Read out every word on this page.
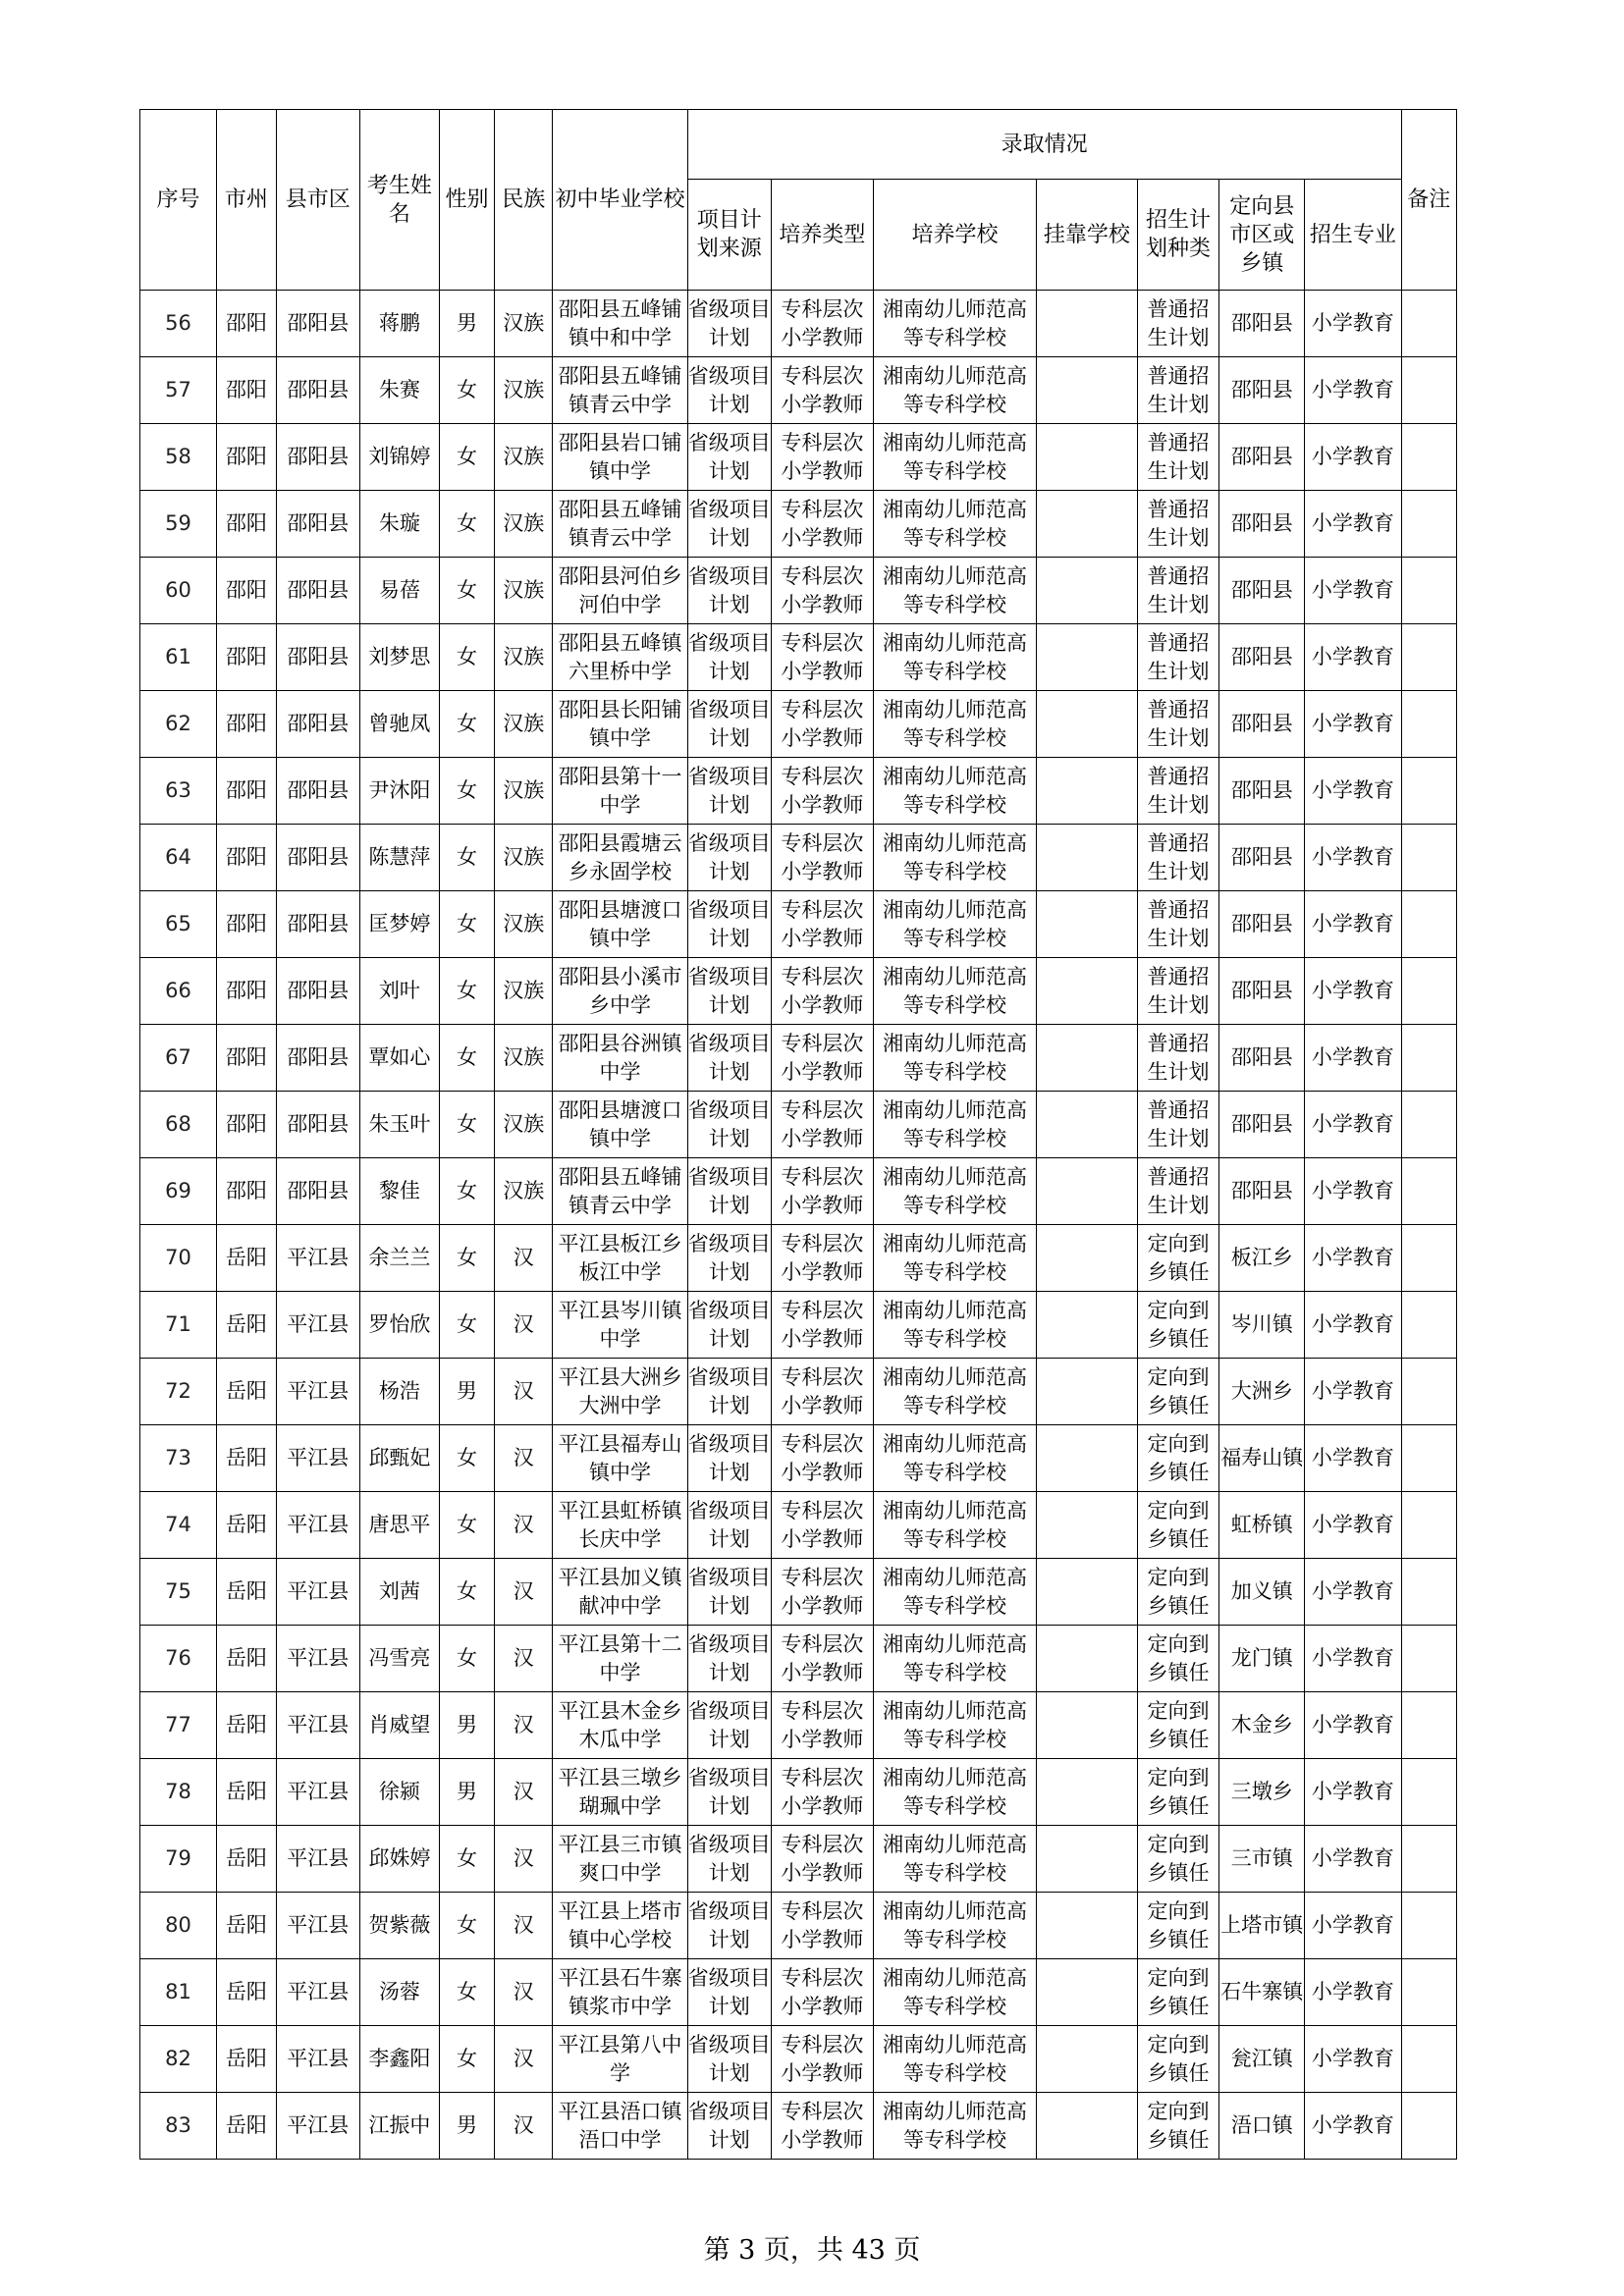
序号	市州	县市区	考生姓名	性别	民族	初中毕业学校	录取情况							备注
							项目计划来源	培养类型	培养学校	挂靠学校	招生计划种类	定向县市区或乡镇	招生专业	
56	邵阳	邵阳县	蒋鹏	男	汉族	邵阳县五峰铺镇中和中学	省级项目计划	专科层次小学教师	湘南幼儿师范高等专科学校		普通招生计划	邵阳县	小学教育	
57	邵阳	邵阳县	朱赛	女	汉族	邵阳县五峰铺镇青云中学	省级项目计划	专科层次小学教师	湘南幼儿师范高等专科学校		普通招生计划	邵阳县	小学教育	
58	邵阳	邵阳县	刘锦婷	女	汉族	邵阳县岩口铺镇中学	省级项目计划	专科层次小学教师	湘南幼儿师范高等专科学校		普通招生计划	邵阳县	小学教育	
59	邵阳	邵阳县	朱璇	女	汉族	邵阳县五峰铺镇青云中学	省级项目计划	专科层次小学教师	湘南幼儿师范高等专科学校		普通招生计划	邵阳县	小学教育	
60	邵阳	邵阳县	易蓓	女	汉族	邵阳县河伯乡河伯中学	省级项目计划	专科层次小学教师	湘南幼儿师范高等专科学校		普通招生计划	邵阳县	小学教育	
61	邵阳	邵阳县	刘梦思	女	汉族	邵阳县五峰镇六里桥中学	省级项目计划	专科层次小学教师	湘南幼儿师范高等专科学校		普通招生计划	邵阳县	小学教育	
62	邵阳	邵阳县	曾驰凤	女	汉族	邵阳县长阳铺镇中学	省级项目计划	专科层次小学教师	湘南幼儿师范高等专科学校		普通招生计划	邵阳县	小学教育	
63	邵阳	邵阳县	尹沐阳	女	汉族	邵阳县第十一中学	省级项目计划	专科层次小学教师	湘南幼儿师范高等专科学校		普通招生计划	邵阳县	小学教育	
64	邵阳	邵阳县	陈慧萍	女	汉族	邵阳县霞塘云乡永固学校	省级项目计划	专科层次小学教师	湘南幼儿师范高等专科学校		普通招生计划	邵阳县	小学教育	
65	邵阳	邵阳县	匡梦婷	女	汉族	邵阳县塘渡口镇中学	省级项目计划	专科层次小学教师	湘南幼儿师范高等专科学校		普通招生计划	邵阳县	小学教育	
66	邵阳	邵阳县	刘叶	女	汉族	邵阳县小溪市乡中学	省级项目计划	专科层次小学教师	湘南幼儿师范高等专科学校		普通招生计划	邵阳县	小学教育	
67	邵阳	邵阳县	覃如心	女	汉族	邵阳县谷洲镇中学	省级项目计划	专科层次小学教师	湘南幼儿师范高等专科学校		普通招生计划	邵阳县	小学教育	
68	邵阳	邵阳县	朱玉叶	女	汉族	邵阳县塘渡口镇中学	省级项目计划	专科层次小学教师	湘南幼儿师范高等专科学校		普通招生计划	邵阳县	小学教育	
69	邵阳	邵阳县	黎佳	女	汉族	邵阳县五峰铺镇青云中学	省级项目计划	专科层次小学教师	湘南幼儿师范高等专科学校		普通招生计划	邵阳县	小学教育	
70	岳阳	平江县	余兰兰	女	汉	平江县板江乡板江中学	省级项目计划	专科层次小学教师	湘南幼儿师范高等专科学校		定向到乡镇任	板江乡	小学教育	
71	岳阳	平江县	罗怡欣	女	汉	平江县岑川镇中学	省级项目计划	专科层次小学教师	湘南幼儿师范高等专科学校		定向到乡镇任	岑川镇	小学教育	
72	岳阳	平江县	杨浩	男	汉	平江县大洲乡大洲中学	省级项目计划	专科层次小学教师	湘南幼儿师范高等专科学校		定向到乡镇任	大洲乡	小学教育	
73	岳阳	平江县	邱甄妃	女	汉	平江县福寿山镇中学	省级项目计划	专科层次小学教师	湘南幼儿师范高等专科学校		定向到乡镇任	福寿山镇	小学教育	
74	岳阳	平江县	唐思平	女	汉	平江县虹桥镇长庆中学	省级项目计划	专科层次小学教师	湘南幼儿师范高等专科学校		定向到乡镇任	虹桥镇	小学教育	
75	岳阳	平江县	刘茜	女	汉	平江县加义镇献冲中学	省级项目计划	专科层次小学教师	湘南幼儿师范高等专科学校		定向到乡镇任	加义镇	小学教育	
76	岳阳	平江县	冯雪亮	女	汉	平江县第十二中学	省级项目计划	专科层次小学教师	湘南幼儿师范高等专科学校		定向到乡镇任	龙门镇	小学教育	
77	岳阳	平江县	肖威望	男	汉	平江县木金乡木瓜中学	省级项目计划	专科层次小学教师	湘南幼儿师范高等专科学校		定向到乡镇任	木金乡	小学教育	
78	岳阳	平江县	徐颍	男	汉	平江县三墩乡瑚珮中学	省级项目计划	专科层次小学教师	湘南幼儿师范高等专科学校		定向到乡镇任	三墩乡	小学教育	
79	岳阳	平江县	邱姝婷	女	汉	平江县三市镇爽口中学	省级项目计划	专科层次小学教师	湘南幼儿师范高等专科学校		定向到乡镇任	三市镇	小学教育	
80	岳阳	平江县	贺紫薇	女	汉	平江县上塔市镇中心学校	省级项目计划	专科层次小学教师	湘南幼儿师范高等专科学校		定向到乡镇任	上塔市镇	小学教育	
81	岳阳	平江县	汤蓉	女	汉	平江县石牛寨镇浆市中学	省级项目计划	专科层次小学教师	湘南幼儿师范高等专科学校		定向到乡镇任	石牛寨镇	小学教育	
82	岳阳	平江县	李鑫阳	女	汉	平江县第八中学	省级项目计划	专科层次小学教师	湘南幼儿师范高等专科学校		定向到乡镇任	瓮江镇	小学教育	
83	岳阳	平江县	江振中	男	汉	平江县浯口镇浯口中学	省级项目计划	专科层次小学教师	湘南幼儿师范高等专科学校		定向到乡镇任	浯口镇	小学教育	
第 3 页，共 43 页
